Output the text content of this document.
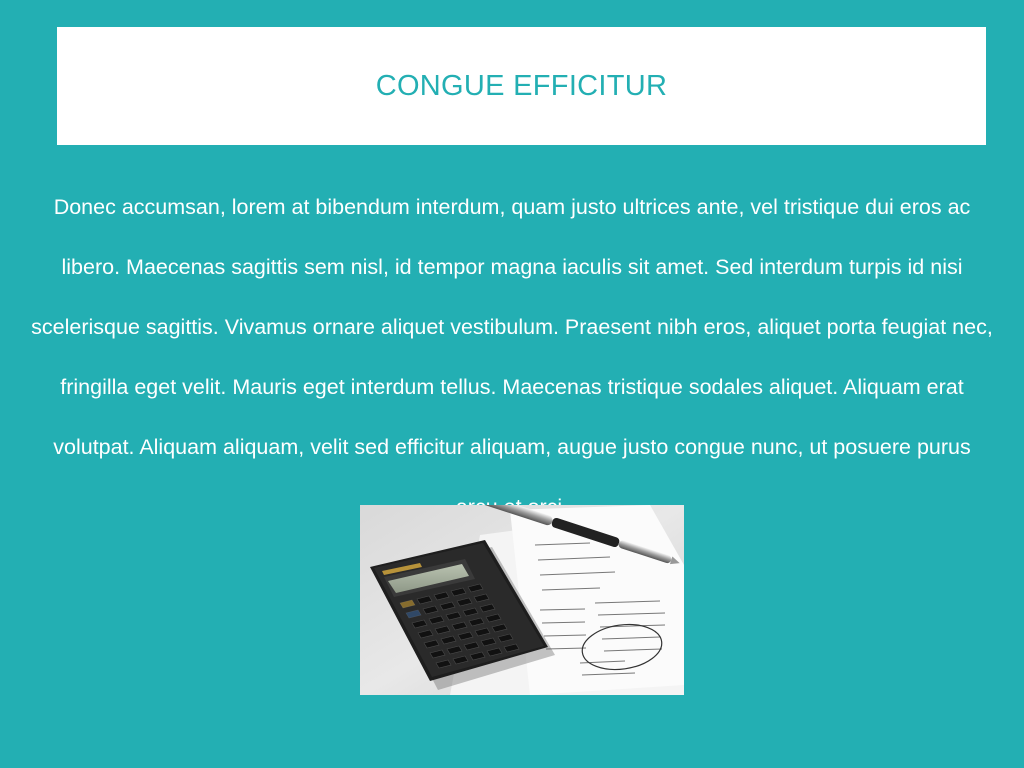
CONGUE EFFICITUR

Donec accumsan, lorem at bibendum interdum, quam justo ultrices ante, vel tristique dui eros ac libero. Maecenas sagittis sem nisl, id tempor magna iaculis sit amet. Sed interdum turpis id nisi scelerisque sagittis. Vivamus ornare aliquet vestibulum. Praesent nibh eros, aliquet porta feugiat nec, fringilla eget velit. Mauris eget interdum tellus. Maecenas tristique sodales aliquet. Aliquam erat volutpat. Aliquam aliquam, velit sed efficitur aliquam, augue justo congue nunc, ut posuere purus
